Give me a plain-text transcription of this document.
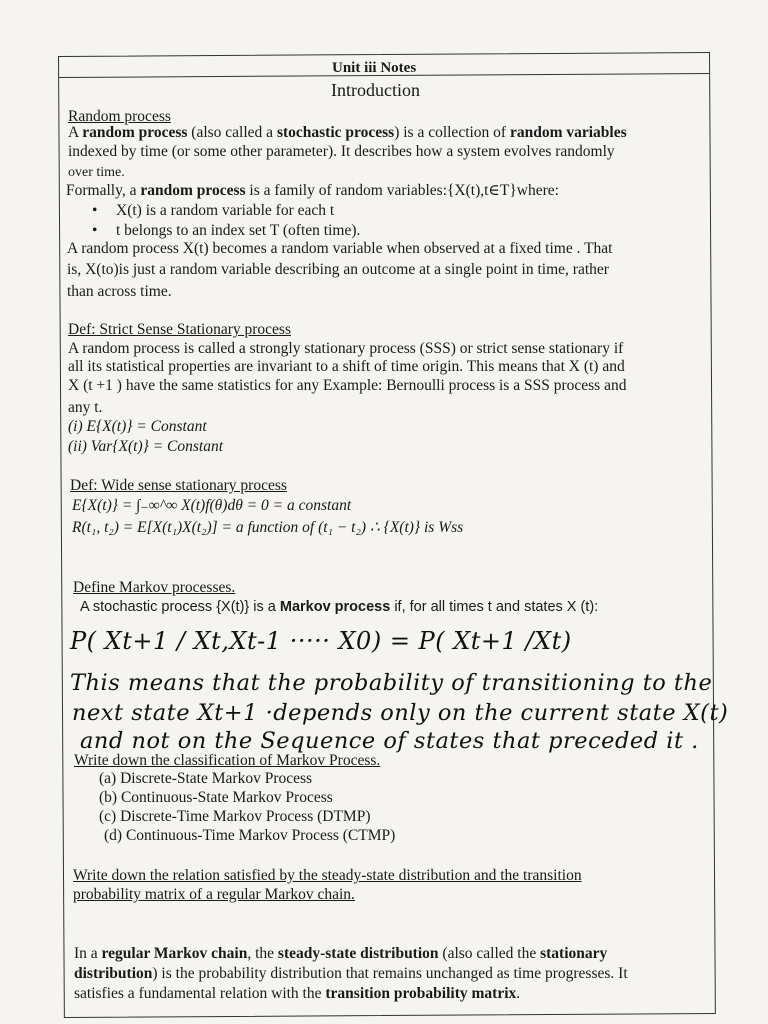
Unit iii Notes
Introduction
Random process
A random process (also called a stochastic process) is a collection of random variables
indexed by time (or some other parameter). It describes how a system evolves randomly
over time.
Formally, a random process is a family of random variables:{X(t),t∈T}where:
• X(t) is a random variable for each t
• t belongs to an index set T (often time).
A random process X(t) becomes a random variable when observed at a fixed time . That
is, X(to)is just a random variable describing an outcome at a single point in time, rather
than across time.
Def: Strict Sense Stationary process
A random process is called a strongly stationary process (SSS) or strict sense stationary if
all its statistical properties are invariant to a shift of time origin. This means that X (t) and
X (t +1 ) have the same statistics for any Example: Bernoulli process is a SSS process and
any t.
(i) E{X(t)} = Constant
(ii) Var{X(t)} = Constant
Def: Wide sense stationary process
E{X(t)} = ∫₋∞^∞ X(t)f(θ)dθ = 0 = a constant
R(t₁, t₂) = E[X(t₁)X(t₂)] = a function of (t₁ − t₂) ∴ {X(t)} is Wss
Define Markov processes.
A stochastic process {X(t)} is a Markov process if, for all times t and states X (t):
P( Xt+1 / Xt,Xt-1 ····· X0) = P( Xt+1 /Xt)
This means that the probability of transitioning to the
next state Xt+1 ·depends only on the current state X(t)
and not on the Sequence of states that preceded it .
Write down the classification of Markov Process.
(a) Discrete-State Markov Process
(b) Continuous-State Markov Process
(c) Discrete-Time Markov Process (DTMP)
(d) Continuous-Time Markov Process (CTMP)
Write down the relation satisfied by the steady-state distribution and the transition
probability matrix of a regular Markov chain.
In a regular Markov chain, the steady-state distribution (also called the stationary
distribution) is the probability distribution that remains unchanged as time progresses. It
satisfies a fundamental relation with the transition probability matrix.
